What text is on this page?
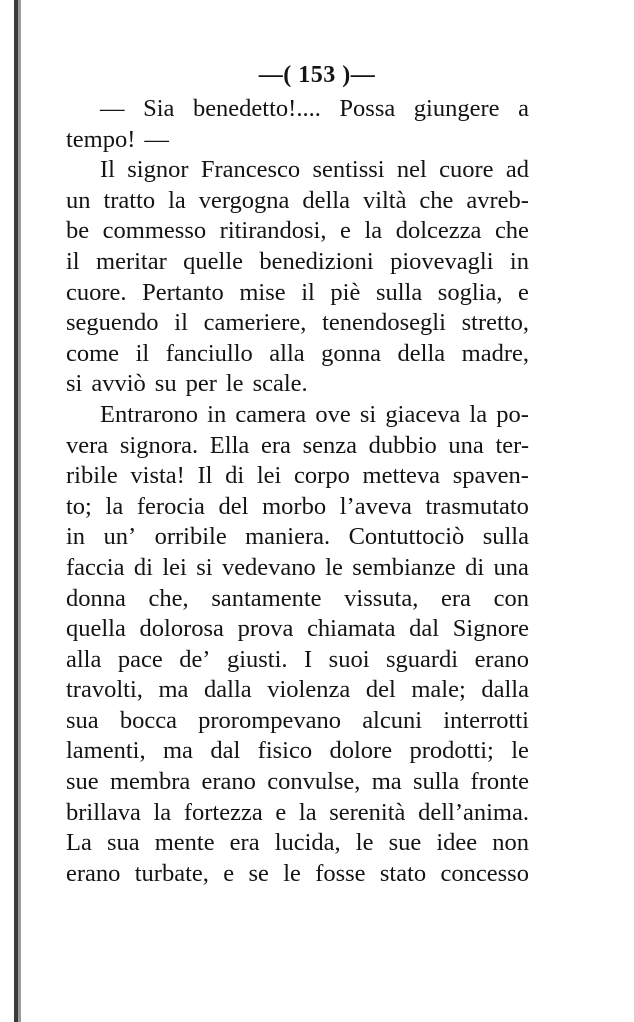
—( 153 )—
— Sia benedetto!.... Possa giungere a
tempo! —
Il signor Francesco sentissi nel cuore ad
un tratto la vergogna della viltà che avreb-
be commesso ritirandosi, e la dolcezza che
il meritar quelle benedizioni piovevagli in
cuore. Pertanto mise il piè sulla soglia, e
seguendo il cameriere, tenendosegli stretto,
come il fanciullo alla gonna della madre,
si avviò su per le scale.
Entrarono in camera ove si giaceva la po-
vera signora. Ella era senza dubbio una ter-
ribile vista! Il di lei corpo metteva spaven-
to; la ferocia del morbo l’aveva trasmutato
in un’ orribile maniera. Contuttociò sulla
faccia di lei si vedevano le sembianze di una
donna che, santamente vissuta, era con
quella dolorosa prova chiamata dal Signore
alla pace de’ giusti. I suoi sguardi erano
travolti, ma dalla violenza del male; dalla
sua bocca prorompevano alcuni interrotti
lamenti, ma dal fisico dolore prodotti; le
sue membra erano convulse, ma sulla fronte
brillava la fortezza e la serenità dell’anima.
La sua mente era lucida, le sue idee non
erano turbate, e se le fosse stato concesso
